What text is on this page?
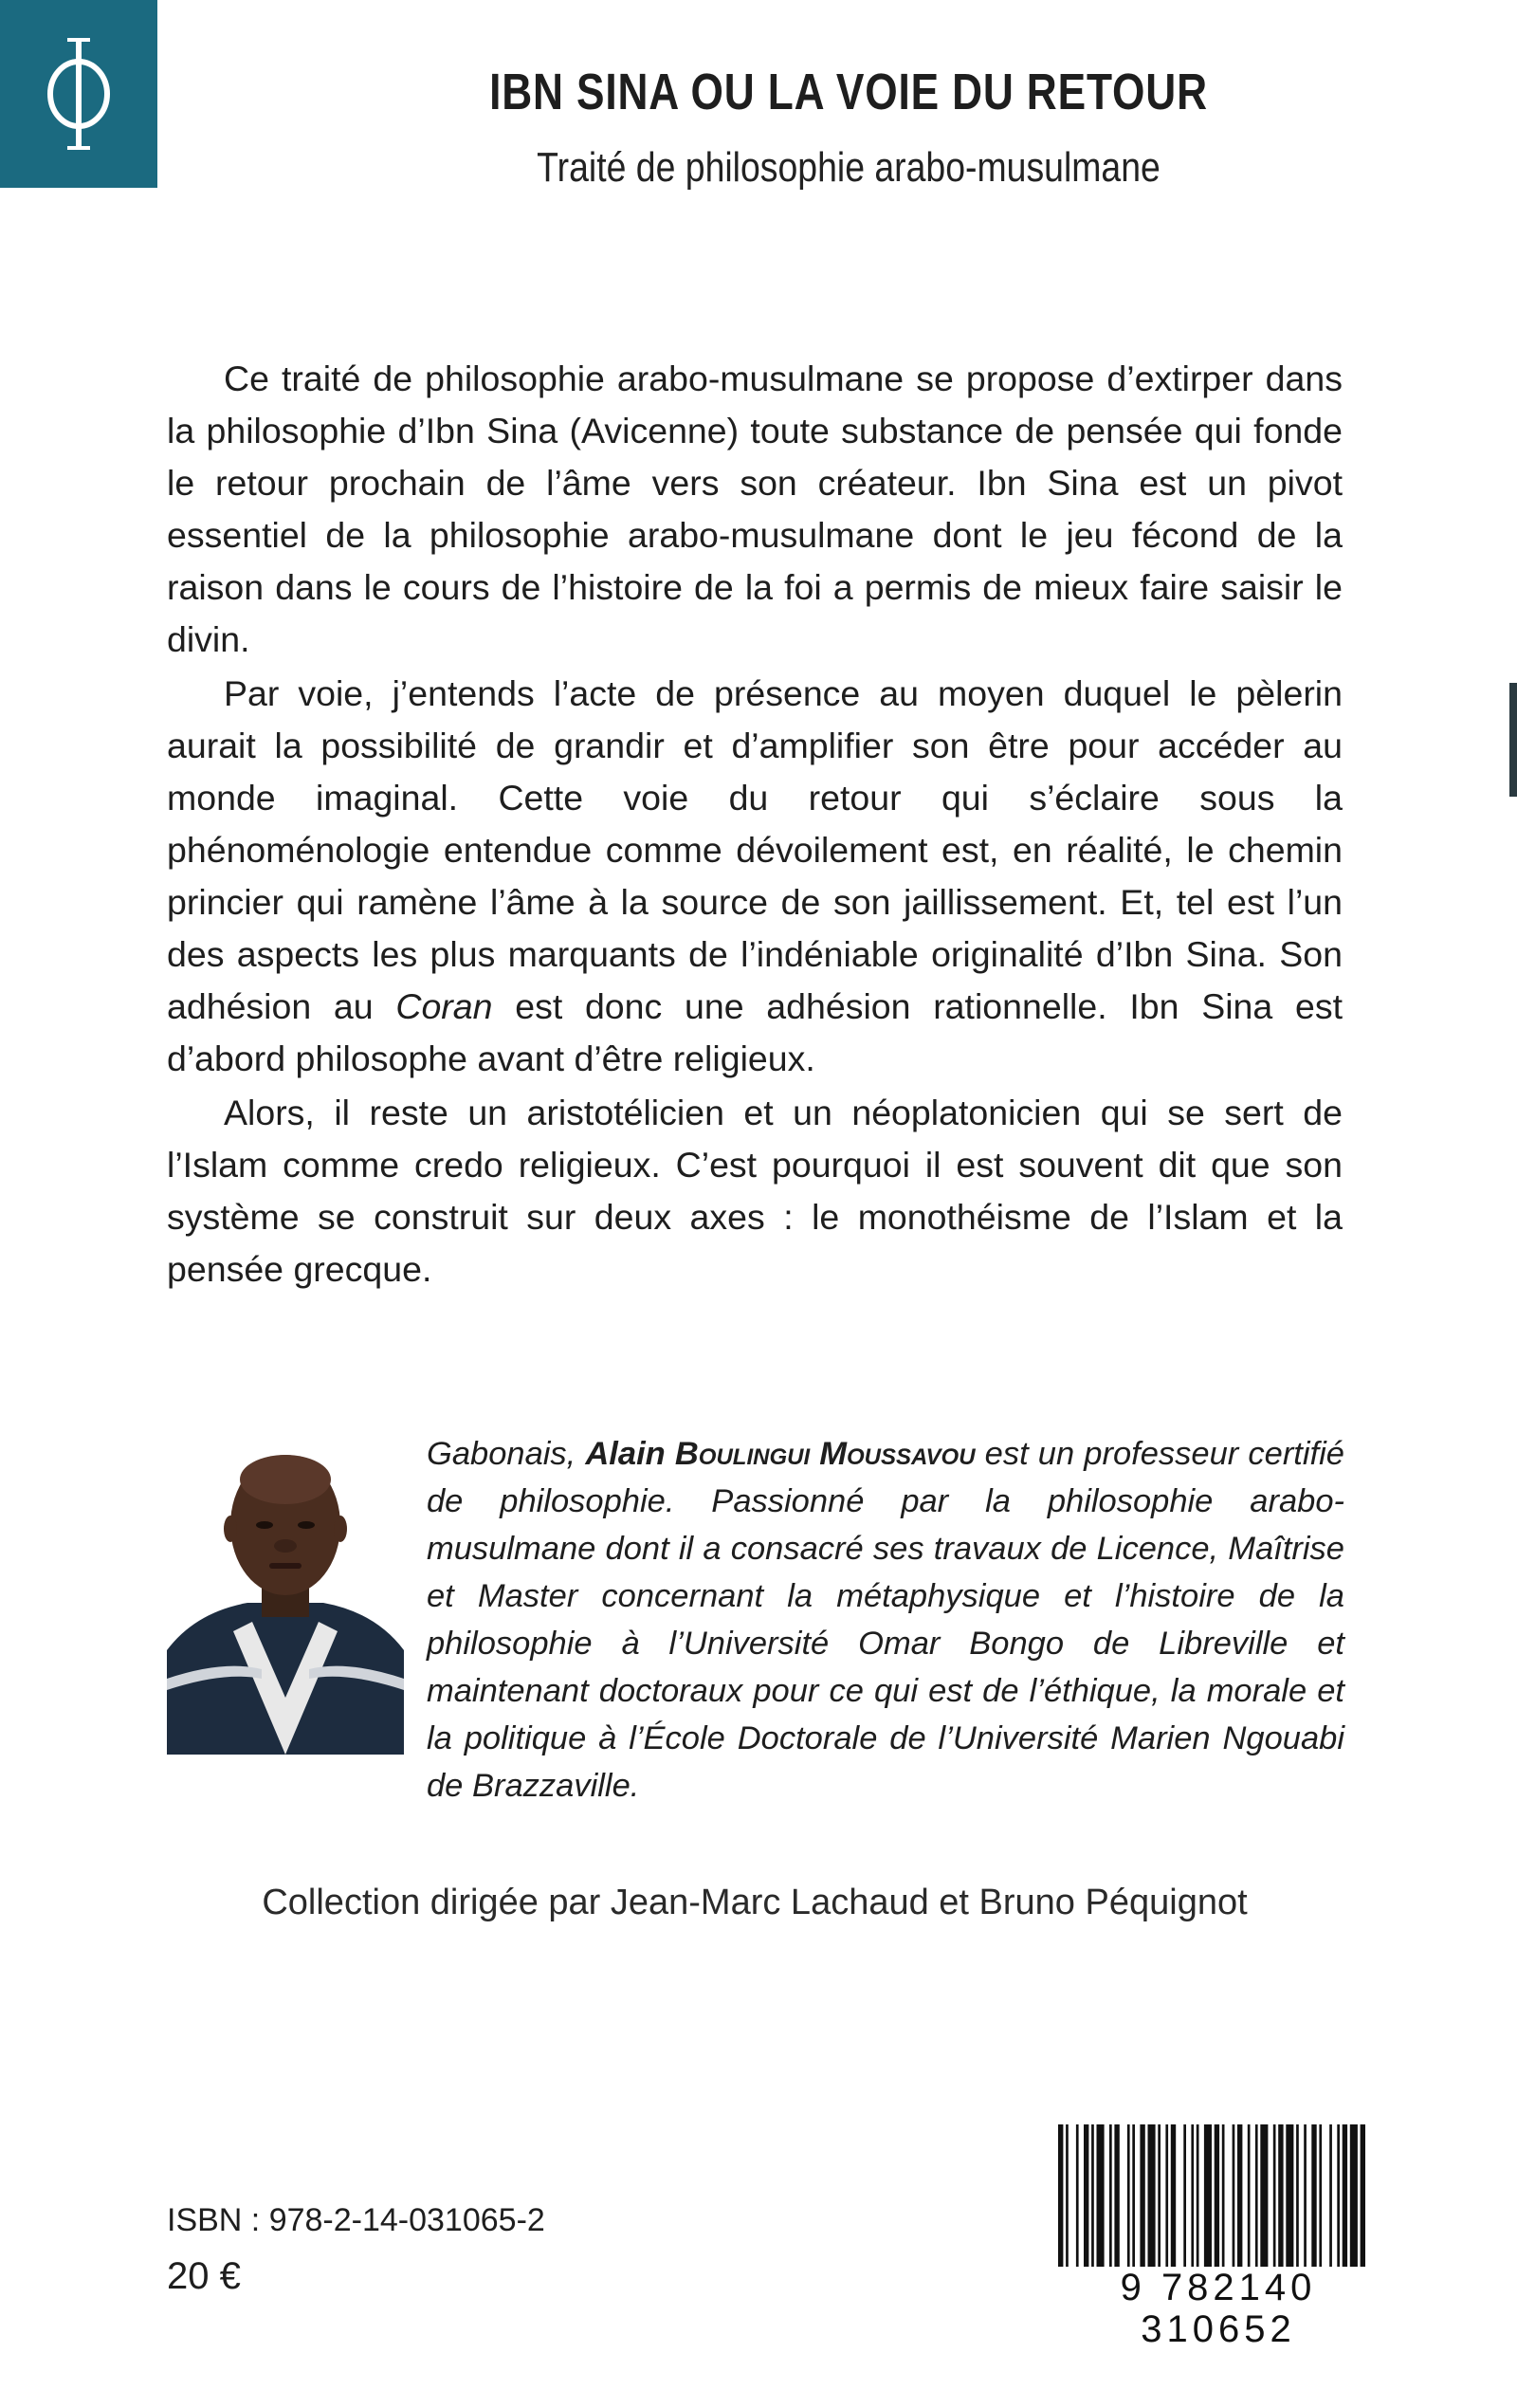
IBN SINA OU LA VOIE DU RETOUR
Traité de philosophie arabo-musulmane

Ce traité de philosophie arabo-musulmane se propose d’extirper dans la philosophie d’Ibn Sina (Avicenne) toute substance de pensée qui fonde le retour prochain de l’âme vers son créateur. Ibn Sina est un pivot essentiel de la philosophie arabo-musulmane dont le jeu fécond de la raison dans le cours de l’histoire de la foi a permis de mieux faire saisir le divin.

Par voie, j’entends l’acte de présence au moyen duquel le pèlerin aurait la possibilité de grandir et d’amplifier son être pour accéder au monde imaginal. Cette voie du retour qui s’éclaire sous la phénoménologie entendue comme dévoilement est, en réalité, le chemin princier qui ramène l’âme à la source de son jaillissement. Et, tel est l’un des aspects les plus marquants de l’indéniable originalité d’Ibn Sina. Son adhésion au Coran est donc une adhésion rationnelle. Ibn Sina est d’abord philosophe avant d’être religieux.

Alors, il reste un aristotélicien et un néoplatonicien qui se sert de l’Islam comme credo religieux. C’est pourquoi il est souvent dit que son système se construit sur deux axes : le monothéisme de l’Islam et la pensée grecque.

Gabonais, Alain Boulingui Moussavou est un professeur certifié de philosophie. Passionné par la philosophie arabo-musulmane dont il a consacré ses travaux de Licence, Maîtrise et Master concernant la métaphysique et l’histoire de la philosophie à l’Université Omar Bongo de Libreville et maintenant doctoraux pour ce qui est de l’éthique, la morale et la politique à l’École Doctorale de l’Université Marien Ngouabi de Brazzaville.
Collection dirigée par Jean-Marc Lachaud et Bruno Péquignot
ISBN : 978-2-14-031065-2
20 €	9 782140 310652
